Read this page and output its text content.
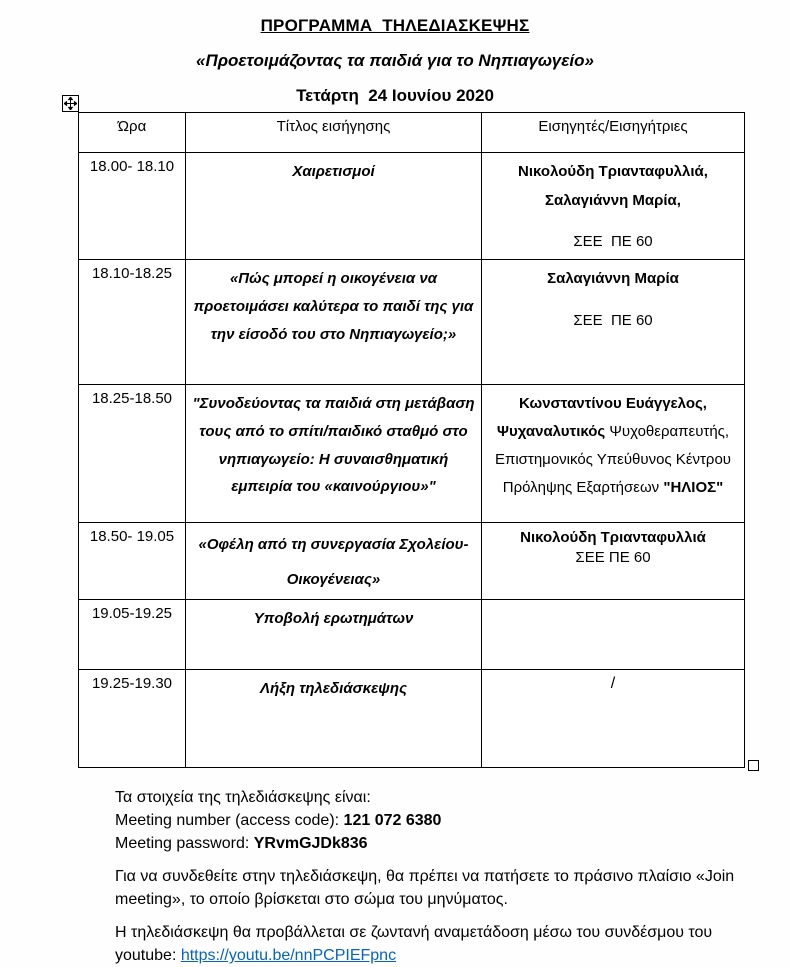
ΠΡΟΓΡΑΜΜΑ  ΤΗΛΕΔΙΑΣΚΕΨΗΣ
«Προετοιμάζοντας τα παιδιά για το Νηπιαγωγείο»
Τετάρτη  24 Ιουνίου 2020
Ώρα	Τίτλος εισήγησης	Εισηγητές/Εισηγήτριες
18.00- 18.10	Χαιρετισμοί	Νικολούδη Τριανταφυλλιά, Σαλαγιάννη Μαρία,
ΣΕΕ  ΠΕ 60

18.10-18.25	«Πώς μπορεί η οικογένεια να προετοιμάσει καλύτερα το παιδί της για την είσοδό του στο Νηπιαγωγείο;»	Σαλαγιάννη Μαρία
ΣΕΕ  ΠΕ 60

18.25-18.50	"Συνοδεύοντας τα παιδιά στη μετάβαση τους από το σπίτι/παιδικό σταθμό στο νηπιαγωγείο: Η συναισθηματική εμπειρία του «καινούργιου»"	Κωνσταντίνου Ευάγγελος, Ψυχαναλυτικός Ψυχοθεραπευτής, Επιστημονικός Υπεύθυνος Κέντρου Πρόληψης Εξαρτήσεων "ΗΛΙΟΣ"
18.50- 19.05	«Οφέλη από τη συνεργασία Σχολείου- Οικογένειας»	Νικολούδη Τριανταφυλλιά
ΣΕΕ ΠΕ 60

19.05-19.25	Υποβολή ερωτημάτων	
19.25-19.30	Λήξη τηλεδιάσκεψης	/

Τα στοιχεία της τηλεδιάσκεψης είναι:

Meeting number (access code): 121 072 6380

Meeting password: YRvmGJDk836

Για να συνδεθείτε στην τηλεδιάσκεψη, θα πρέπει να πατήσετε το πράσινο πλαίσιο «Join meeting», το οποίο βρίσκεται στο σώμα του μηνύματος.

Η τηλεδιάσκεψη θα προβάλλεται σε ζωντανή αναμετάδοση μέσω του συνδέσμου του youtube: https://youtu.be/nnPCPIEFpnc
